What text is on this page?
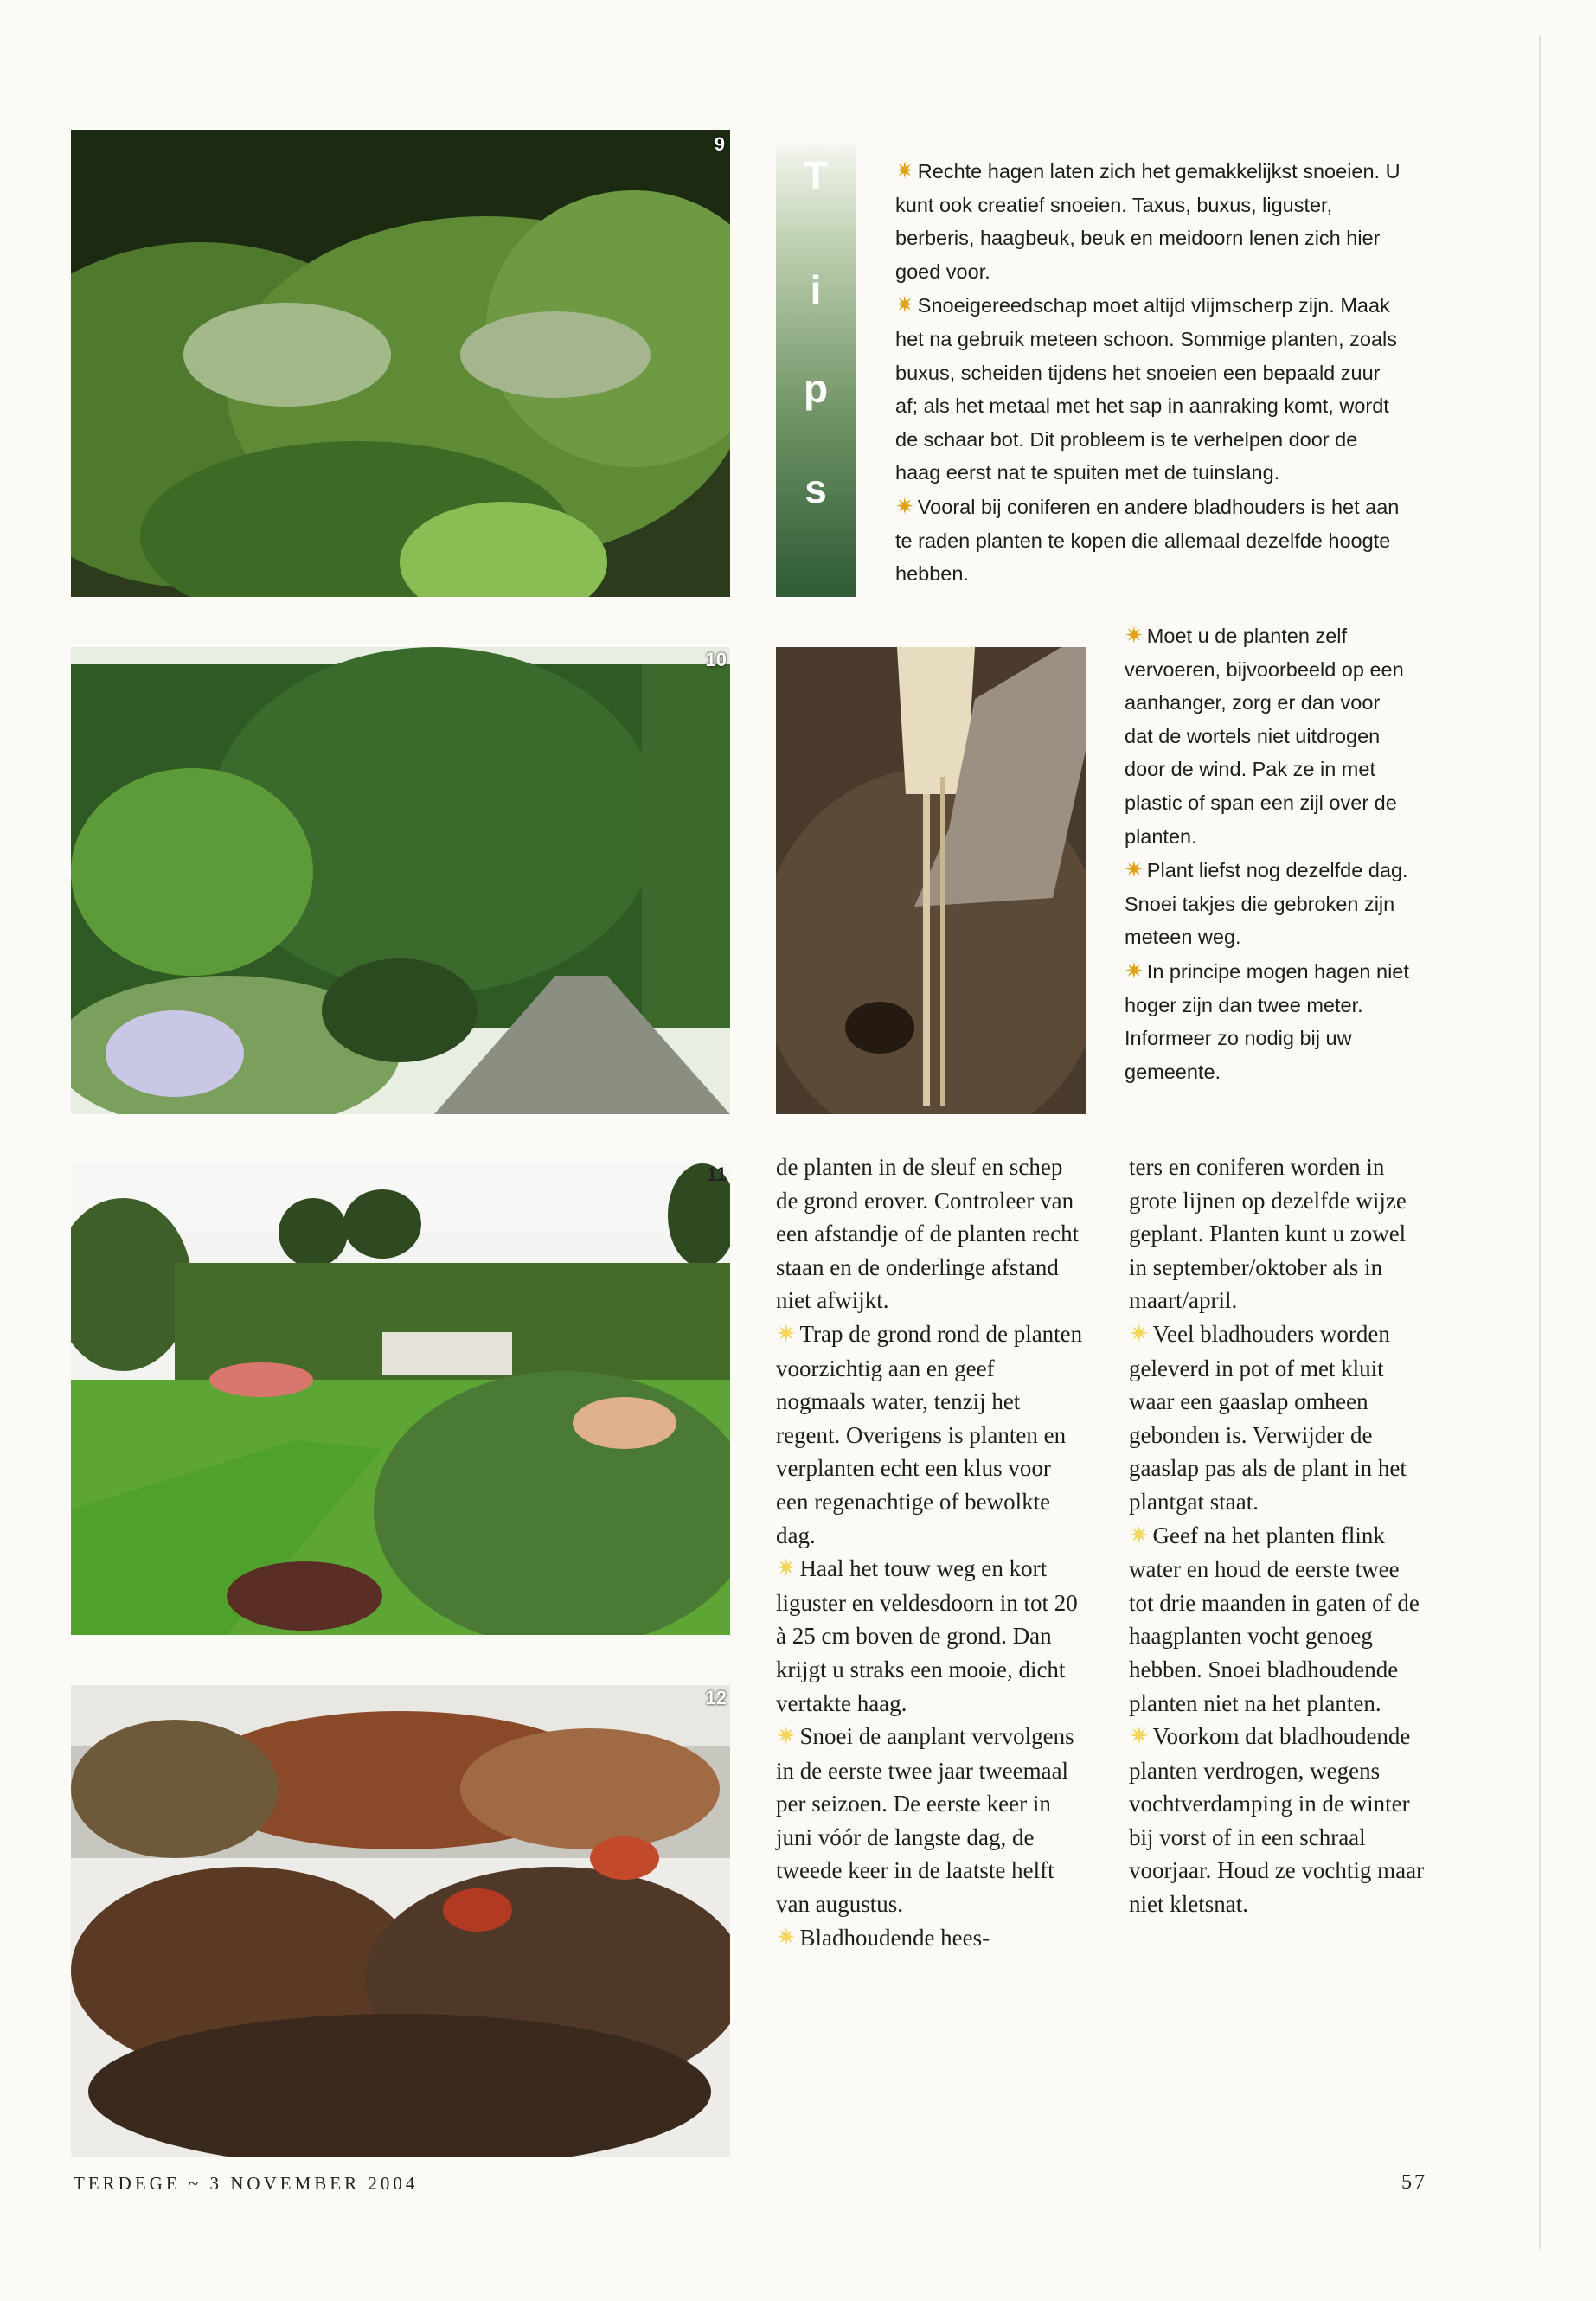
9
10
11
12
T
i
p
s

✷ Rechte hagen laten zich het gemakkelijkst snoeien. U kunt ook creatief snoeien. Taxus, buxus, liguster, berberis, haagbeuk, beuk en meidoorn lenen zich hier goed voor.

✷ Snoeigereedschap moet altijd vlijmscherp zijn. Maak het na gebruik meteen schoon. Sommige planten, zoals buxus, scheiden tijdens het snoeien een bepaald zuur af; als het metaal met het sap in aanraking komt, wordt de schaar bot. Dit probleem is te verhelpen door de haag eerst nat te spuiten met de tuinslang.

✷ Vooral bij coniferen en andere bladhouders is het aan te raden planten te kopen die allemaal dezelfde hoogte hebben.

✷ Moet u de planten zelf vervoeren, bijvoorbeeld op een aanhanger, zorg er dan voor dat de wortels niet uitdrogen door de wind. Pak ze in met plastic of span een zijl over de planten.

✷ Plant liefst nog dezelfde dag. Snoei takjes die gebroken zijn meteen weg.

✷ In principe mogen hagen niet hoger zijn dan twee meter. Informeer zo nodig bij uw gemeente.

de planten in de sleuf en schep de grond erover. Controleer van een afstandje of de planten recht staan en de onderlinge afstand niet afwijkt.

✷ Trap de grond rond de planten voorzichtig aan en geef nogmaals water, tenzij het regent. Overigens is planten en verplanten echt een klus voor een regenachtige of bewolkte dag.

✷ Haal het touw weg en kort liguster en veldesdoorn in tot 20 à 25 cm boven de grond. Dan krijgt u straks een mooie, dicht vertakte haag.

✷ Snoei de aanplant vervolgens in de eerste twee jaar tweemaal per seizoen. De eerste keer in juni vóór de langste dag, de tweede keer in de laatste helft van augustus.

✷ Bladhoudende hees-

ters en coniferen worden in grote lijnen op dezelfde wijze geplant. Planten kunt u zowel in september/oktober als in maart/april.

✷ Veel bladhouders worden geleverd in pot of met kluit waar een gaaslap omheen gebonden is. Verwijder de gaaslap pas als de plant in het plantgat staat.

✷ Geef na het planten flink water en houd de eerste twee tot drie maanden in gaten of de haagplanten vocht genoeg hebben. Snoei bladhoudende planten niet na het planten.

✷ Voorkom dat bladhoudende planten verdrogen, wegens vochtverdamping in de winter bij vorst of in een schraal voorjaar. Houd ze vochtig maar niet kletsnat.

TERDEGE ~ 3 NOVEMBER 2004	57
